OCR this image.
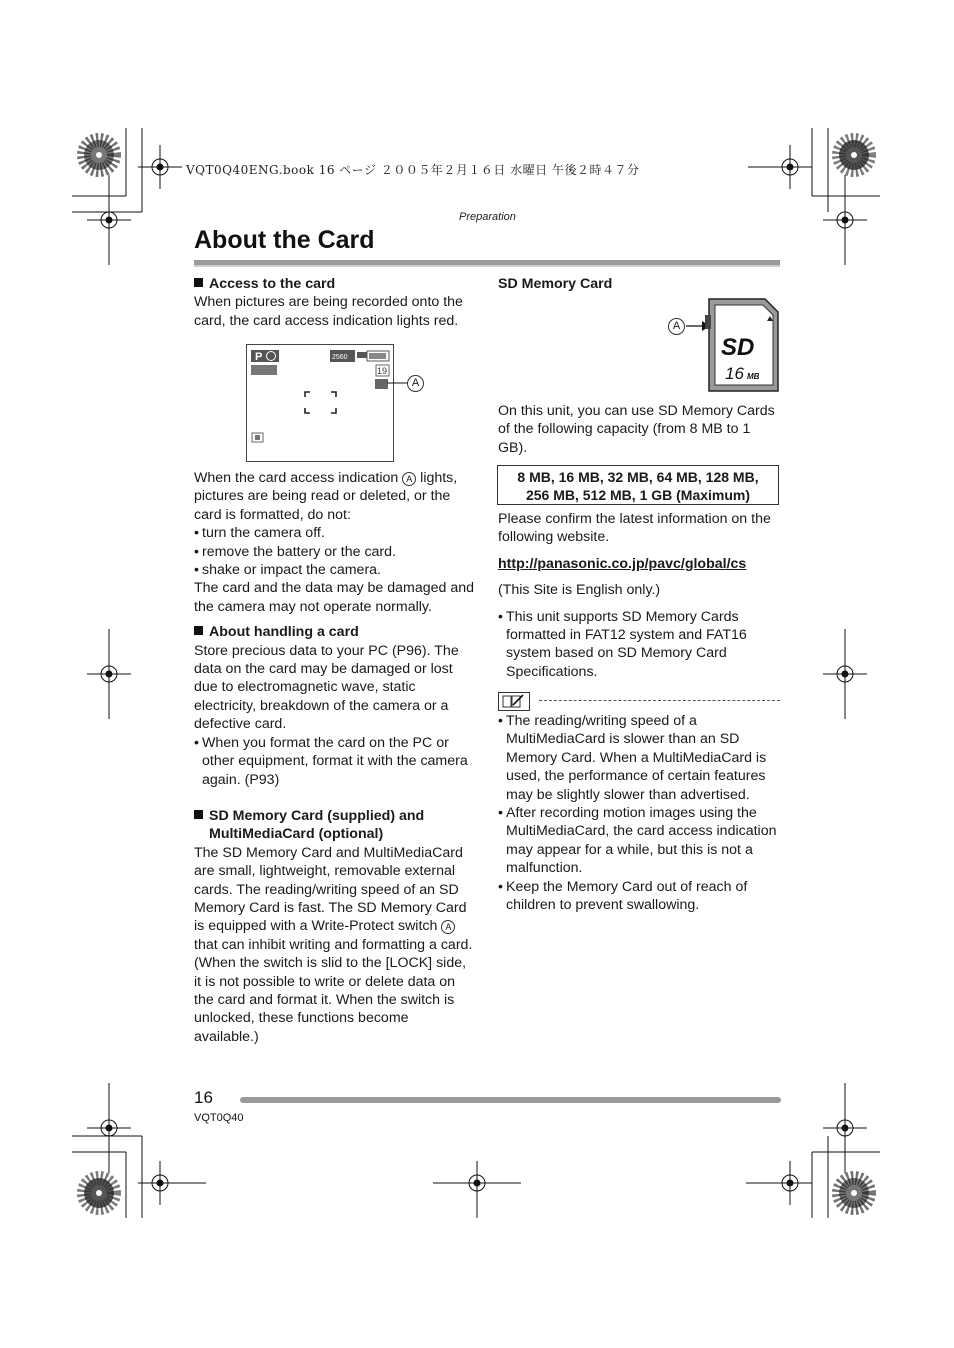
VQT0Q40ENG.book 16 ページ ２００５年２月１６日 水曜日 午後２時４７分
Preparation
About the Card

Access to the card

When pictures are being recorded onto the card, the card access indication lights red.

P	2560
19
A

When the card access indication A lights, pictures are being read or deleted, or the card is formatted, do not:

• turn the camera off.

• remove the battery or the card.

• shake or impact the camera.

The card and the data may be damaged and the camera may not operate normally.

About handling a card

Store precious data to your PC (P96). The data on the card may be damaged or lost due to electromagnetic wave, static electricity, breakdown of the camera or a defective card.

• When you format the card on the PC or other equipment, format it with the camera again. (P93)

SD Memory Card (supplied) and

MultiMediaCard (optional)

The SD Memory Card and MultiMediaCard are small, lightweight, removable external cards. The reading/writing speed of an SD Memory Card is fast. The SD Memory Card is equipped with a Write-Protect switch A that can inhibit writing and formatting a card. (When the switch is slid to the [LOCK] side, it is not possible to write or delete data on the card and format it. When the switch is unlocked, these functions become available.)

SD Memory Card

A
SD
16 MB

On this unit, you can use SD Memory Cards of the following capacity (from 8 MB to 1 GB).

8 MB, 16 MB, 32 MB, 64 MB, 128 MB,
256 MB, 512 MB, 1 GB (Maximum)

Please confirm the latest information on the following website.

http://panasonic.co.jp/pavc/global/cs

(This Site is English only.)

• This unit supports SD Memory Cards formatted in FAT12 system and FAT16 system based on SD Memory Card Specifications.

• The reading/writing speed of a MultiMediaCard is slower than an SD Memory Card. When a MultiMediaCard is used, the performance of certain features may be slightly slower than advertised.

• After recording motion images using the MultiMediaCard, the card access indication may appear for a while, but this is not a malfunction.

• Keep the Memory Card out of reach of children to prevent swallowing.

16
VQT0Q40
